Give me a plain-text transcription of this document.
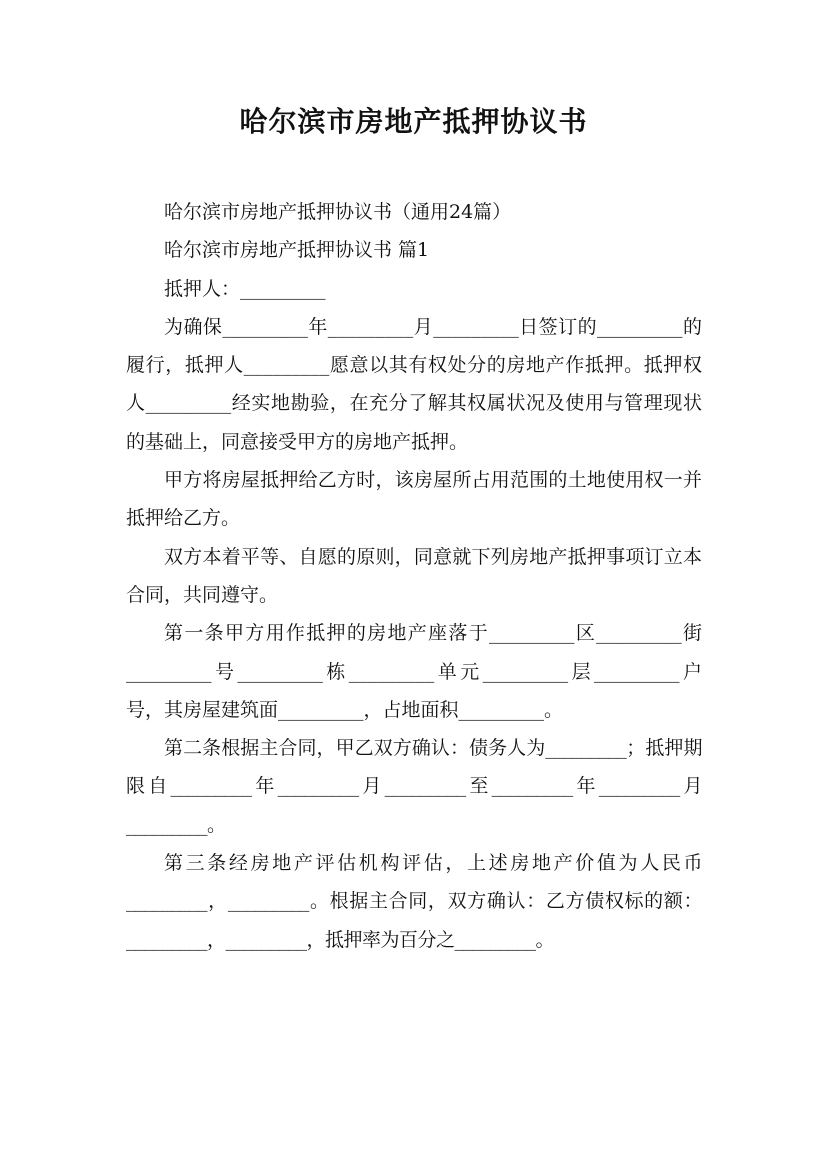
哈尔滨市房地产抵押协议书

哈尔滨市房地产抵押协议书（通用24篇）

哈尔滨市房地产抵押协议书 篇1

抵押人：_________

为确保_________年_________月_________日签订的_________的履行，抵押人_________愿意以其有权处分的房地产作抵押。抵押权人_________经实地勘验，在充分了解其权属状况及使用与管理现状的基础上，同意接受甲方的房地产抵押。

甲方将房屋抵押给乙方时，该房屋所占用范围的土地使用权一并抵押给乙方。

双方本着平等、自愿的原则，同意就下列房地产抵押事项订立本合同，共同遵守。

第一条甲方用作抵押的房地产座落于_________区_________街_________号_________栋_________单元_________层_________户号，其房屋建筑面_________，占地面积_________。

第二条根据主合同，甲乙双方确认：债务人为_________；抵押期限自_________年_________月_________至_________年_________月_________。

第三条经房地产评估机构评估，上述房地产价值为人民币_________，_________。根据主合同，双方确认：乙方债权标的额：_________，_________，抵押率为百分之_________。
